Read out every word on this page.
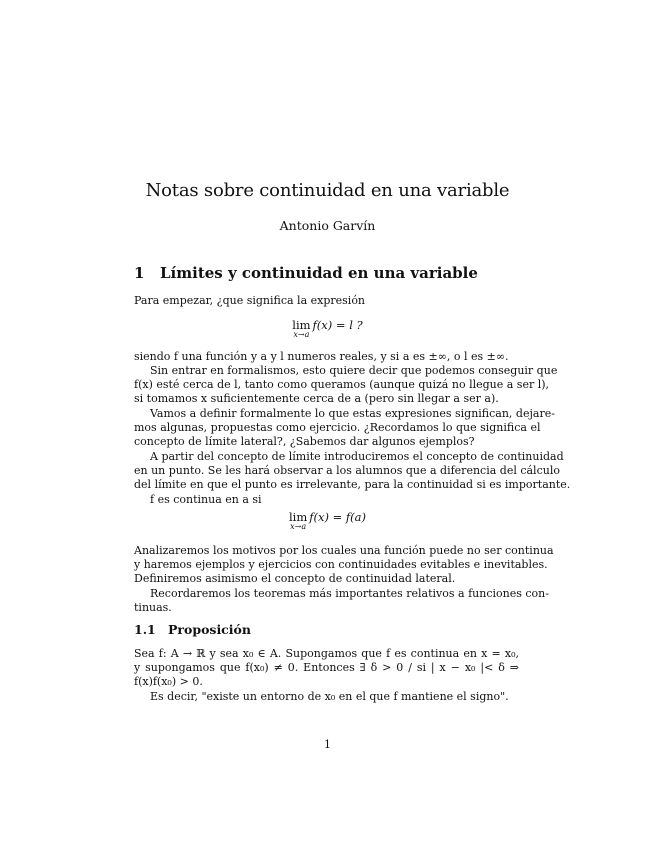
Notas sobre continuidad en una variable
Antonio Garvín
1 Límites y continuidad en una variable
Para empezar, ¿que significa la expresión
lim
x→a
f(x) = l ?
siendo f una función y a y l numeros reales, y si a es ±∞, o l es ±∞.
Sin entrar en formalismos, esto quiere decir que podemos conseguir que
f(x) esté cerca de l, tanto como queramos (aunque quizá no llegue a ser l),
si tomamos x suficientemente cerca de a (pero sin llegar a ser a).
Vamos a definir formalmente lo que estas expresiones significan, dejare-
mos algunas, propuestas como ejercicio. ¿Recordamos lo que significa el
concepto de límite lateral?, ¿Sabemos dar algunos ejemplos?
A partir del concepto de límite introduciremos el concepto de continuidad
en un punto. Se les hará observar a los alumnos que a diferencia del cálculo
del límite en que el punto es irrelevante, para la continuidad si es importante.
f es continua en a si
lim
x→a
f(x) = f(a)
Analizaremos los motivos por los cuales una función puede no ser continua
y haremos ejemplos y ejercicios con continuidades evitables e inevitables.
Definiremos asimismo el concepto de continuidad lateral.
Recordaremos los teoremas más importantes relativos a funciones con-
tinuas.
1.1 Proposición
Sea f: A → ℝ y sea x₀ ∈ A. Supongamos que f es continua en x = x₀,
y supongamos que f(x₀) ≠ 0. Entonces ∃ δ > 0 / si | x − x₀ |< δ ⇒
f(x)f(x₀) > 0.
Es decir, "existe un entorno de x₀ en el que f mantiene el signo".
1
